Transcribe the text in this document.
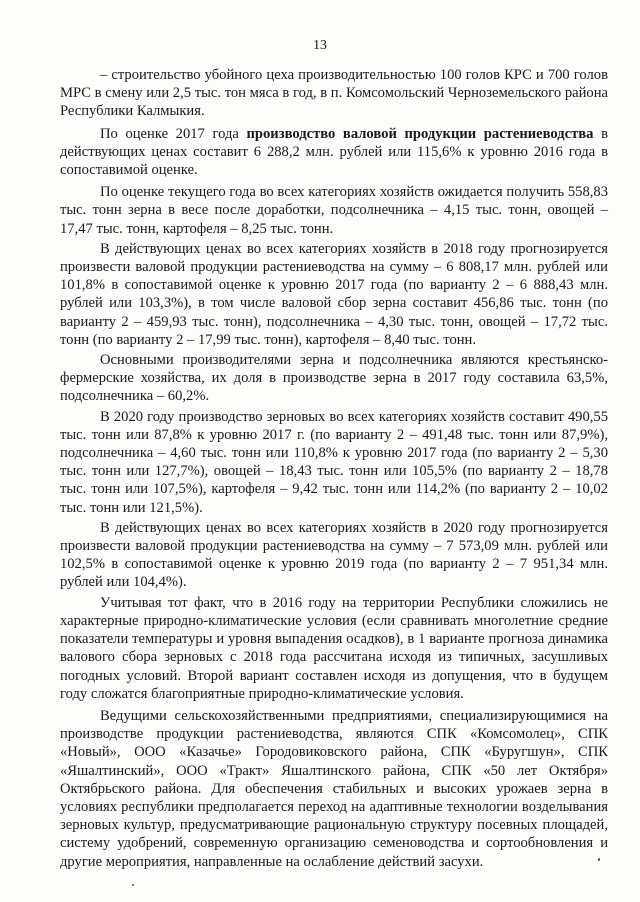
13

– строительство убойного цеха производительностью 100 голов КРС и 700 голов МРС в смену или 2,5 тыс. тон мяса в год, в п. Комсомольский Черноземельского района Республики Калмыкия.

По оценке 2017 года производство валовой продукции растениеводства в действующих ценах составит 6 288,2 млн. рублей или 115,6% к уровню 2016 года в сопоставимой оценке.

По оценке текущего года во всех категориях хозяйств ожидается получить 558,83 тыс. тонн зерна в весе после доработки, подсолнечника – 4,15 тыс. тонн, овощей – 17,47 тыс. тонн, картофеля – 8,25 тыс. тонн.

В действующих ценах во всех категориях хозяйств в 2018 году прогнозируется произвести валовой продукции растениеводства на сумму – 6 808,17 млн. рублей или 101,8% в сопоставимой оценке к уровню 2017 года (по варианту 2 – 6 888,43 млн. рублей или 103,3%), в том числе валовой сбор зерна составит 456,86 тыс. тонн (по варианту 2 – 459,93 тыс. тонн), подсолнечника – 4,30 тыс. тонн, овощей – 17,72 тыс. тонн (по варианту 2 – 17,99 тыс. тонн), картофеля – 8,40 тыс. тонн.

Основными производителями зерна и подсолнечника являются крестьянско-фермерские хозяйства, их доля в производстве зерна в 2017 году составила 63,5%, подсолнечника – 60,2%.

В 2020 году производство зерновых во всех категориях хозяйств составит 490,55 тыс. тонн или 87,8% к уровню 2017 г. (по варианту 2 – 491,48 тыс. тонн или 87,9%), подсолнечника – 4,60 тыс. тонн или 110,8% к уровню 2017 года (по варианту 2 – 5,30 тыс. тонн или 127,7%), овощей – 18,43 тыс. тонн или 105,5% (по варианту 2 – 18,78 тыс. тонн или 107,5%), картофеля – 9,42 тыс. тонн или 114,2% (по варианту 2 – 10,02 тыс. тонн или 121,5%).

В действующих ценах во всех категориях хозяйств в 2020 году прогнозируется произвести валовой продукции растениеводства на сумму – 7 573,09 млн. рублей или 102,5% в сопоставимой оценке к уровню 2019 года (по варианту 2 – 7 951,34 млн. рублей или 104,4%).

Учитывая тот факт, что в 2016 году на территории Республики сложились не характерные природно-климатические условия (если сравнивать многолетние средние показатели температуры и уровня выпадения осадков), в 1 варианте прогноза динамика валового сбора зерновых с 2018 года рассчитана исходя из типичных, засушливых погодных условий. Второй вариант составлен исходя из допущения, что в будущем году сложатся благоприятные природно-климатические условия.

Ведущими сельскохозяйственными предприятиями, специализирующимися на производстве продукции растениеводства, являются СПК «Комсомолец», СПК «Новый», ООО «Казачье» Городовиковского района, СПК «Буругшун», СПК «Яшалтинский», ООО «Тракт» Яшалтинского района, СПК «50 лет Октября» Октябрьского района. Для обеспечения стабильных и высоких урожаев зерна в условиях республики предполагается переход на адаптивные технологии возделывания зерновых культур, предусматривающие рациональную структуру посевных площадей, систему удобрений, современную организацию семеноводства и сортообновления и другие мероприятия, направленные на ослабление действий засухи.
